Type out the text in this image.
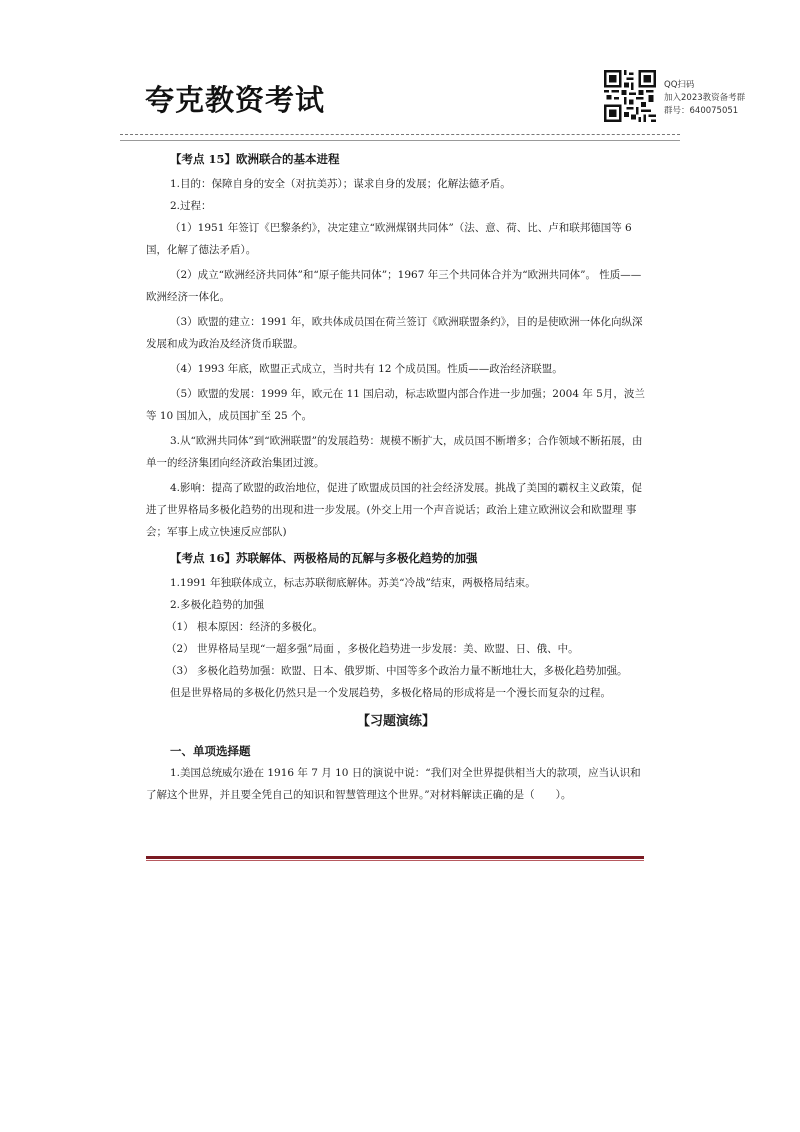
夸克教资考试	QQ扫码
加入2023教资备考群
群号：640075051

【考点 15】欧洲联合的基本进程

1.目的：保障自身的安全（对抗美苏）；谋求自身的发展；化解法德矛盾。

2.过程：

（1）1951 年签订《巴黎条约》，决定建立“欧洲煤钢共同体”（法、意、荷、比、卢和联邦德国等 6 国，化解了德法矛盾）。

（2）成立“欧洲经济共同体”和“原子能共同体”；1967 年三个共同体合并为“欧洲共同体”。 性质——欧洲经济一体化。

（3）欧盟的建立：1991 年，欧共体成员国在荷兰签订《欧洲联盟条约》，目的是使欧洲一体化向纵深发展和成为政治及经济货币联盟。

（4）1993 年底，欧盟正式成立，当时共有 12 个成员国。性质——政治经济联盟。

（5）欧盟的发展：1999 年，欧元在 11 国启动，标志欧盟内部合作进一步加强；2004 年 5月，波兰等 10 国加入，成员国扩至 25 个。

3.从“欧洲共同体”到“欧洲联盟”的发展趋势：规模不断扩大，成员国不断增多；合作领域不断拓展，由 单一的经济集团向经济政治集团过渡。

4.影响：提高了欧盟的政治地位，促进了欧盟成员国的社会经济发展。挑战了美国的霸权主义政策，促进了世界格局多极化趋势的出现和进一步发展。(外交上用一个声音说话；政治上建立欧洲议会和欧盟理 事会；军事上成立快速反应部队)

【考点 16】苏联解体、两极格局的瓦解与多极化趋势的加强

1.1991 年独联体成立，标志苏联彻底解体。苏美“冷战”结束，两极格局结束。

2.多极化趋势的加强

（1） 根本原因：经济的多极化。

（2） 世界格局呈现“一超多强”局面 ，多极化趋势进一步发展：美、欧盟、日、俄、中。

（3） 多极化趋势加强：欧盟、日本、俄罗斯、中国等多个政治力量不断地壮大，多极化趋势加强。

但是世界格局的多极化仍然只是一个发展趋势，多极化格局的形成将是一个漫长而复杂的过程。

【习题演练】

一、单项选择题

1.美国总统威尔逊在 1916 年 7 月 10 日的演说中说：“我们对全世界提供相当大的款项，应当认识和了解这个世界，并且要全凭自己的知识和智慧管理这个世界。”对材料解读正确的是（　　）。
